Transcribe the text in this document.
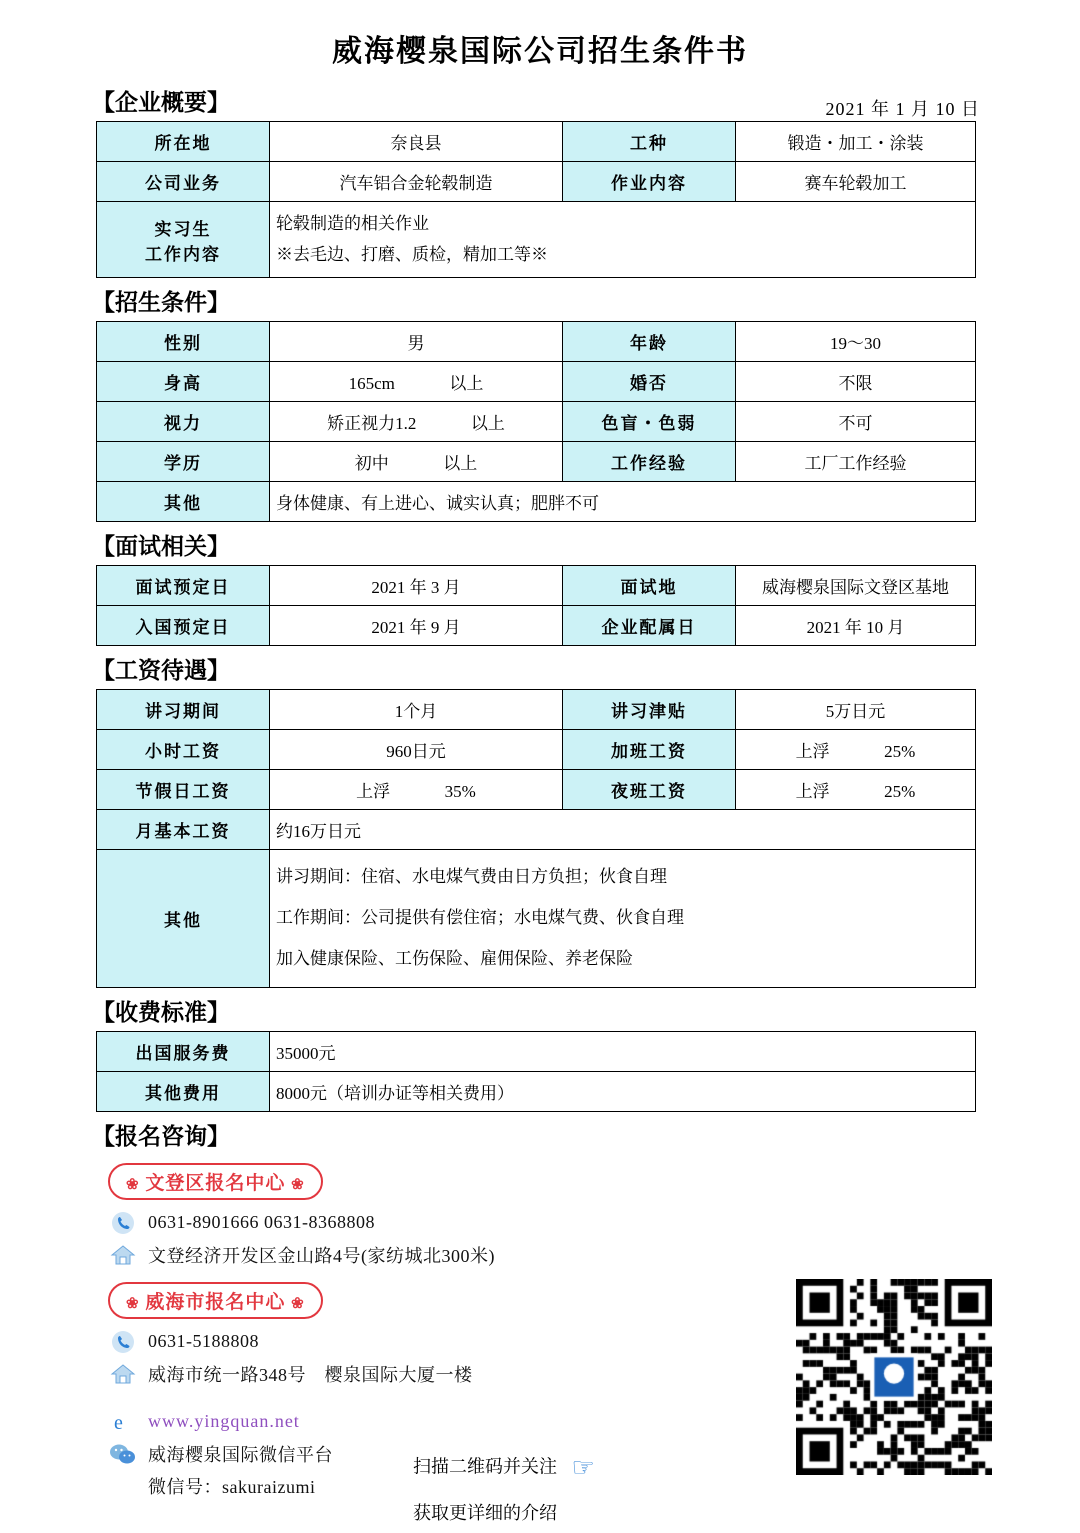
威海樱泉国际公司招生条件书
【企业概要】	2021 年 1 月 10 日
所在地	奈良县	工种	锻造・加工・涂装
公司业务	汽车铝合金轮毂制造	作业内容	赛车轮毂加工

实习生
工作内容

轮毂制造的相关作业
※去毛边、打磨、质检，精加工等※
【招生条件】
性别	男	年龄	19～30
身高	165cm 以上	婚否	不限
视力	矫正视力1.2 以上	色盲・色弱	不可
学历	初中 以上	工作经验	工厂工作经验
其他	身体健康、有上进心、诚实认真；肥胖不可		
【面试相关】
面试预定日	2021 年 3 月	面试地	威海樱泉国际文登区基地
入国预定日	2021 年 9 月	企业配属日	2021 年 10 月
【工资待遇】
讲习期间	1个月	讲习津贴	5万日元
小时工资	960日元	加班工资	上浮 25%
节假日工资	上浮 35%	夜班工资	上浮 25%
月基本工资	约16万日元		
其他	讲习期间：住宿、水电煤气费由日方负担；伙食自理
工作期间：公司提供有偿住宿；水电煤气费、伙食自理
加入健康保险、工伤保险、雇佣保险、养老保险		
【收费标准】
出国服务费	35000元
其他费用	8000元（培训办证等相关费用）
【报名咨询】
❀ 文登区报名中心 ❀
0631-8901666 0631-8368808
文登经济开发区金山路4号(家纺城北300米)
❀ 威海市报名中心 ❀
0631-5188808
威海市统一路348号　樱泉国际大厦一楼
e www.yingquan.net
威海樱泉国际微信平台
微信号：sakuraizumi
扫描二维码并关注 ☞
获取更详细的介绍
